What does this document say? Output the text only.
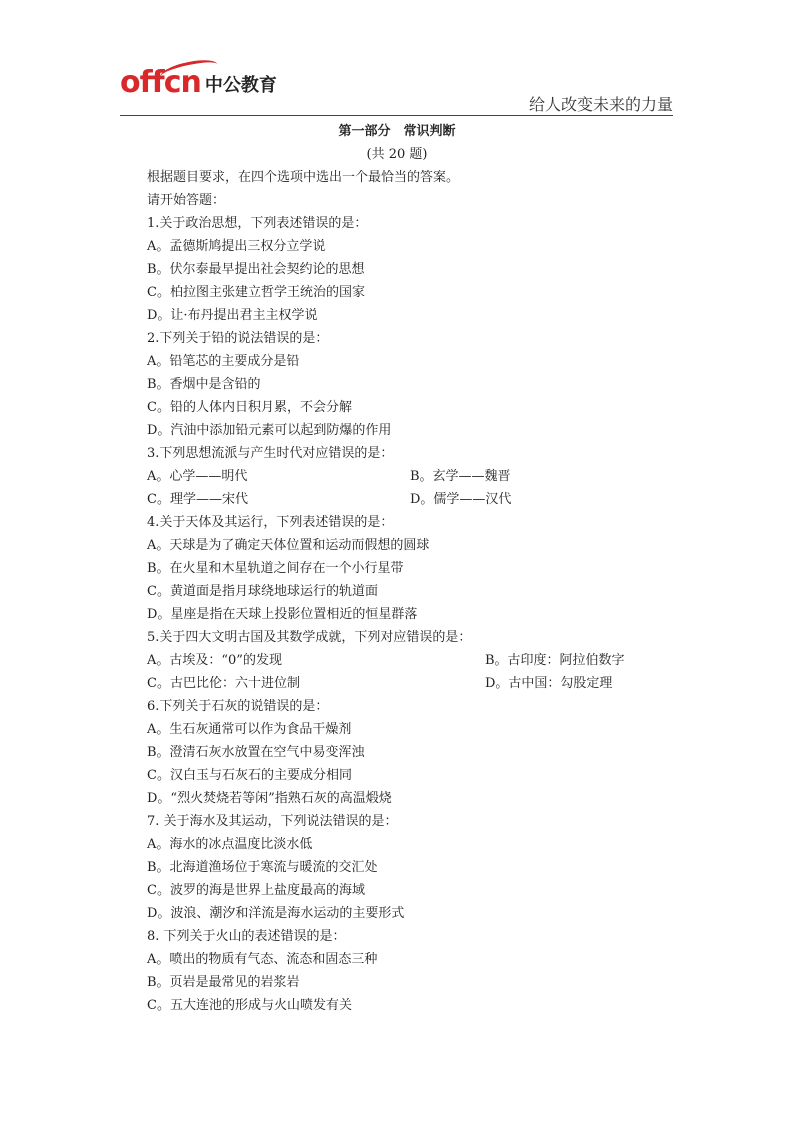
offcn 中公教育
给人改变未来的力量
第一部分　常识判断
(共 20 题)
根据题目要求，在四个选项中选出一个最恰当的答案。
请开始答题：
1.关于政治思想，下列表述错误的是：
A。孟德斯鸠提出三权分立学说
B。伏尔泰最早提出社会契约论的思想
C。柏拉图主张建立哲学王统治的国家
D。让·布丹提出君主主权学说
2.下列关于铅的说法错误的是：
A。铅笔芯的主要成分是铅
B。香烟中是含铅的
C。铅的人体内日积月累，不会分解
D。汽油中添加铅元素可以起到防爆的作用
3.下列思想流派与产生时代对应错误的是：
A。心学——明代	B。玄学——魏晋
C。理学——宋代	D。儒学——汉代
4.关于天体及其运行，下列表述错误的是：
A。天球是为了确定天体位置和运动而假想的圆球
B。在火星和木星轨道之间存在一个小行星带
C。黄道面是指月球绕地球运行的轨道面
D。星座是指在天球上投影位置相近的恒星群落
5.关于四大文明古国及其数学成就，下列对应错误的是：
A。古埃及：“0”的发现	B。古印度：阿拉伯数字
C。古巴比伦：六十进位制	D。古中国：勾股定理
6.下列关于石灰的说错误的是：
A。生石灰通常可以作为食品干燥剂
B。澄清石灰水放置在空气中易变浑浊
C。汉白玉与石灰石的主要成分相同
D。“烈火焚烧若等闲”指熟石灰的高温煅烧
7. 关于海水及其运动，下列说法错误的是：
A。海水的冰点温度比淡水低
B。北海道渔场位于寒流与暖流的交汇处
C。波罗的海是世界上盐度最高的海域
D。波浪、潮汐和洋流是海水运动的主要形式
8. 下列关于火山的表述错误的是：
A。喷出的物质有气态、流态和固态三种
B。页岩是最常见的岩浆岩
C。五大连池的形成与火山喷发有关
